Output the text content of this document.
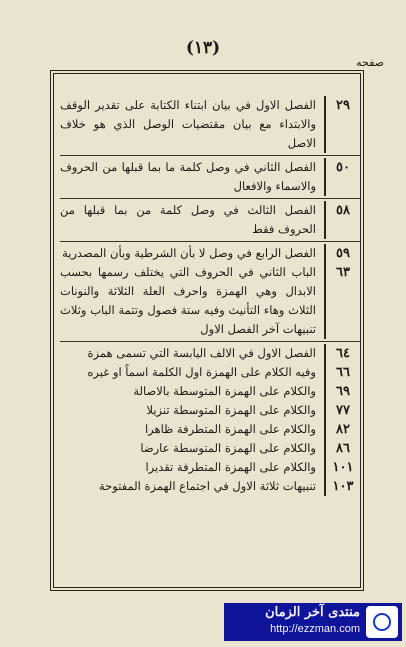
(١٣)
صفحه
٢٩
الفصل الاول في بيان ابتناء الكتابة على تقدير الوقف والابتداء مع بيان مقتضيات الوصل الذي هو خلاف الاصل
٥٠
الفصل الثاني في وصل كلمة ما بما قبلها من الحروف والاسماء والافعال
٥٨
الفصل الثالث في وصل كلمة من بما قبلها من الحروف فقط
٥٩
الفصل الرابع في وصل لا بأن الشرطية وبأن المصدرية
٦٣
الباب الثاني في الحروف التي يختلف رسمها بحسب الابدال وهي الهمزة واحرف العلة الثلاثة والنونات الثلاث وهاء التأنيث وفيه ستة فصول وتتمة الباب وثلاث تنبيهات آخر الفصل الاول
٦٤
الفصل الاول في الالف اليابسة التي تسمى همزة
٦٦
وفيه الكلام على الهمزة اول الكلمة اسماً او غيره
٦٩
والكلام على الهمزة المتوسطة بالاصالة
٧٧
والكلام على الهمزة المتوسطة تنزيلا
٨٢
والكلام على الهمزة المتطرفة ظاهرا
٨٦
والكلام على الهمزة المتوسطة عارضا
١٠١
والكلام على الهمزة المتطرفة تقديرا
١٠٣
تنبيهات ثلاثة الاول في اجتماع الهمزة المفتوحة
منتدى آخر الزمان
http://ezzman.com
